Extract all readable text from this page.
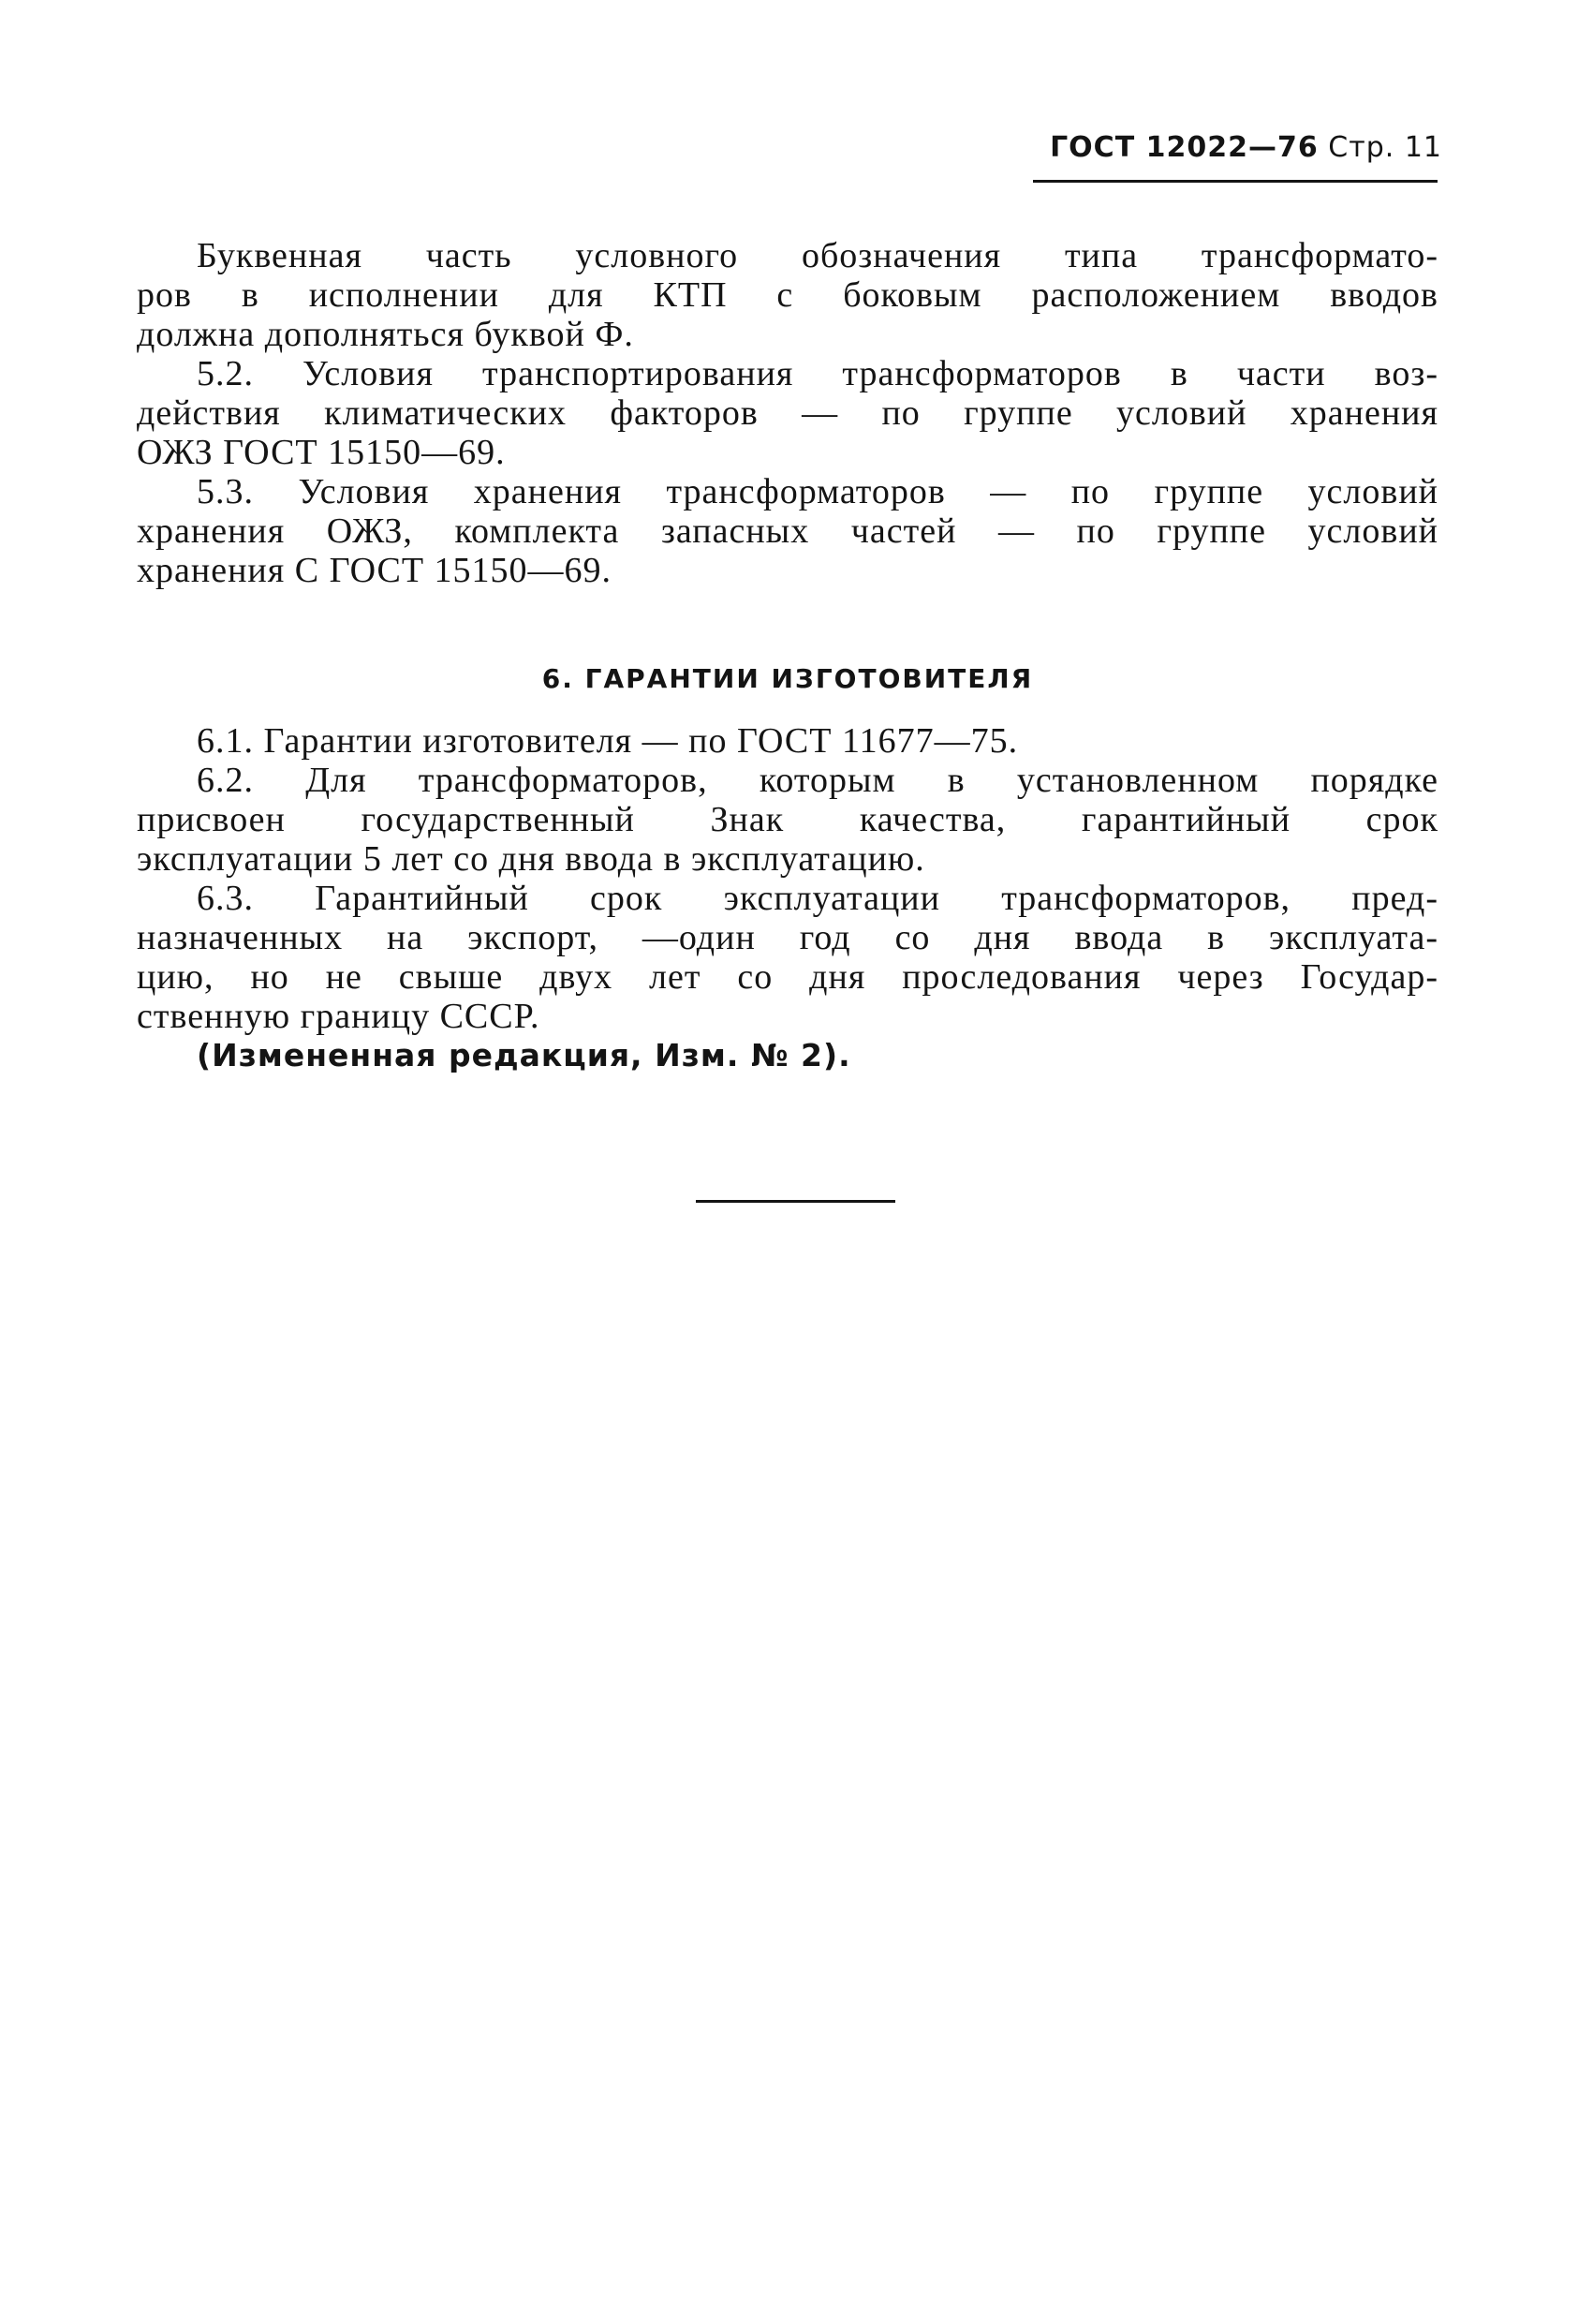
ГОСТ 12022—76 Стр. 11
Буквенная часть условного обозначения типа трансформато-
ров в исполнении для КТП с боковым расположением вводов
должна дополняться буквой Ф.
5.2. Условия транспортирования трансформаторов в части воз-
действия климатических факторов — по группе условий хранения
ОЖЗ ГОСТ 15150—69.
5.3. Условия хранения трансформаторов — по группе условий
хранения ОЖЗ, комплекта запасных частей — по группе условий
хранения С ГОСТ 15150—69.
6. ГАРАНТИИ ИЗГОТОВИТЕЛЯ
6.1. Гарантии изготовителя — по ГОСТ 11677—75.
6.2. Для трансформаторов, которым в установленном порядке
присвоен государственный Знак качества, гарантийный срок
эксплуатации 5 лет со дня ввода в эксплуатацию.
6.3. Гарантийный срок эксплуатации трансформаторов, пред-
назначенных на экспорт, —один год со дня ввода в эксплуата-
цию, но не свыше двух лет со дня проследования через Государ-
ственную границу СССР.
(Измененная редакция, Изм. № 2).
